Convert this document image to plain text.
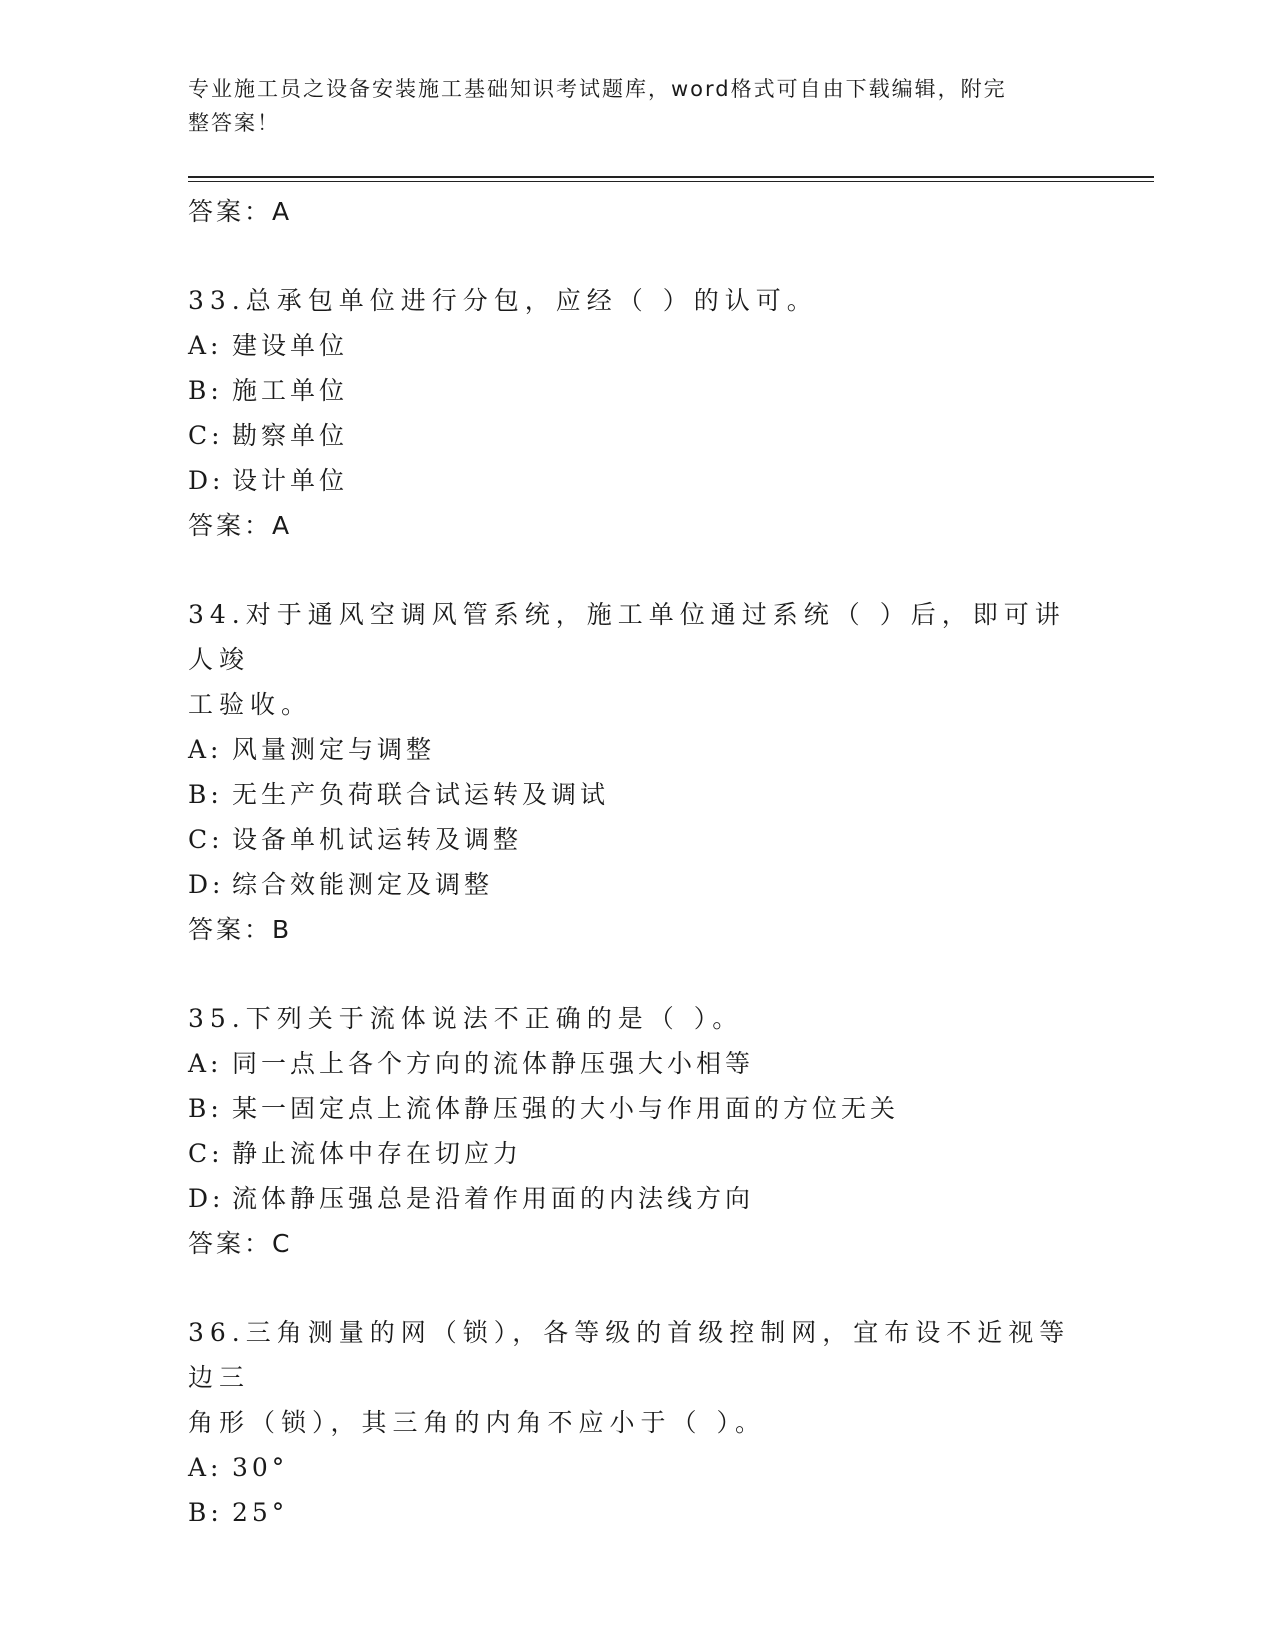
专业施工员之设备安装施工基础知识考试题库，word格式可自由下载编辑，附完
整答案！

答案：A

33.总承包单位进行分包，应经（ ）的认可。

A: 建设单位

B: 施工单位

C: 勘察单位

D: 设计单位

答案：A

34.对于通风空调风管系统，施工单位通过系统（ ）后，即可讲人竣

工验收。

A: 风量测定与调整

B: 无生产负荷联合试运转及调试

C: 设备单机试运转及调整

D: 综合效能测定及调整

答案：B

35.下列关于流体说法不正确的是（ ）。

A: 同一点上各个方向的流体静压强大小相等

B: 某一固定点上流体静压强的大小与作用面的方位无关

C: 静止流体中存在切应力

D: 流体静压强总是沿着作用面的内法线方向

答案：C

36.三角测量的网（锁），各等级的首级控制网，宜布设不近视等边三

角形（锁），其三角的内角不应小于（ ）。

A: 30°

B: 25°
